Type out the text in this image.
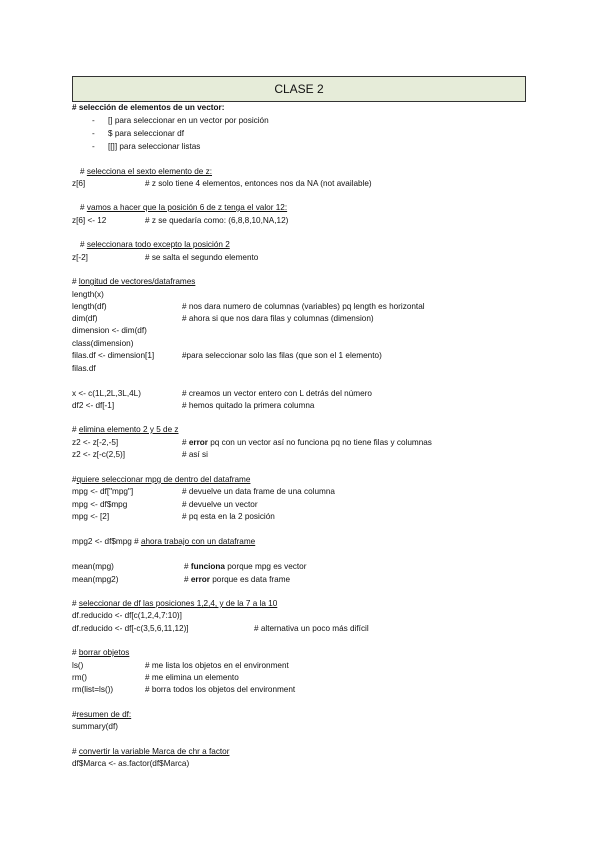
CLASE 2
# selección de elementos de un vector:
- [] para seleccionar en un vector por posición
- $ para seleccionar df
- [[]] para seleccionar listas
# selecciona el sexto elemento de z:
z[6]	# z solo tiene 4 elementos, entonces nos da NA (not available)
# vamos a hacer que la posición 6 de z tenga el valor 12:
z[6] <- 12	# z se quedaría como: (6,8,8,10,NA,12)
# seleccionara todo excepto la posición 2
z[-2]	# se salta el segundo elemento
# longitud de vectores/dataframes
length(x)
length(df)	# nos dara numero de columnas (variables) pq length es horizontal
dim(df)	# ahora si que nos dara filas y columnas (dimension)
dimension <- dim(df)
class(dimension)
filas.df <- dimension[1]	#para seleccionar solo las filas (que son el 1 elemento)
filas.df
x <- c(1L,2L,3L,4L)	# creamos un vector entero con L detrás del número
df2 <- df[-1]	# hemos quitado la primera columna
# elimina elemento 2 y 5 de z
z2 <- z[-2,-5]	# error pq con un vector así no funciona pq no tiene filas y columnas
z2 <- z[-c(2,5)]	# así si
#quiere seleccionar mpg de dentro del dataframe
mpg <- df["mpg"]	# devuelve un data frame de una columna
mpg <- df$mpg	# devuelve un vector
mpg <- [2]	# pq esta en la 2 posición
mpg2 <- df$mpg # ahora trabajo con un dataframe
mean(mpg)	# funciona porque mpg es vector
mean(mpg2)	# error porque es data frame
# seleccionar de df las posiciones 1,2,4, y de la 7 a la 10
df.reducido <- df[c(1,2,4,7:10)]
df.reducido <- df[-c(3,5,6,11,12)]	# alternativa un poco más difícil
# borrar objetos
ls()	# me lista los objetos en el environment
rm()	# me elimina un elemento
rm(list=ls())	# borra todos los objetos del environment
#resumen de df:
summary(df)
# convertir la variable Marca de chr a factor
df$Marca <- as.factor(df$Marca)
